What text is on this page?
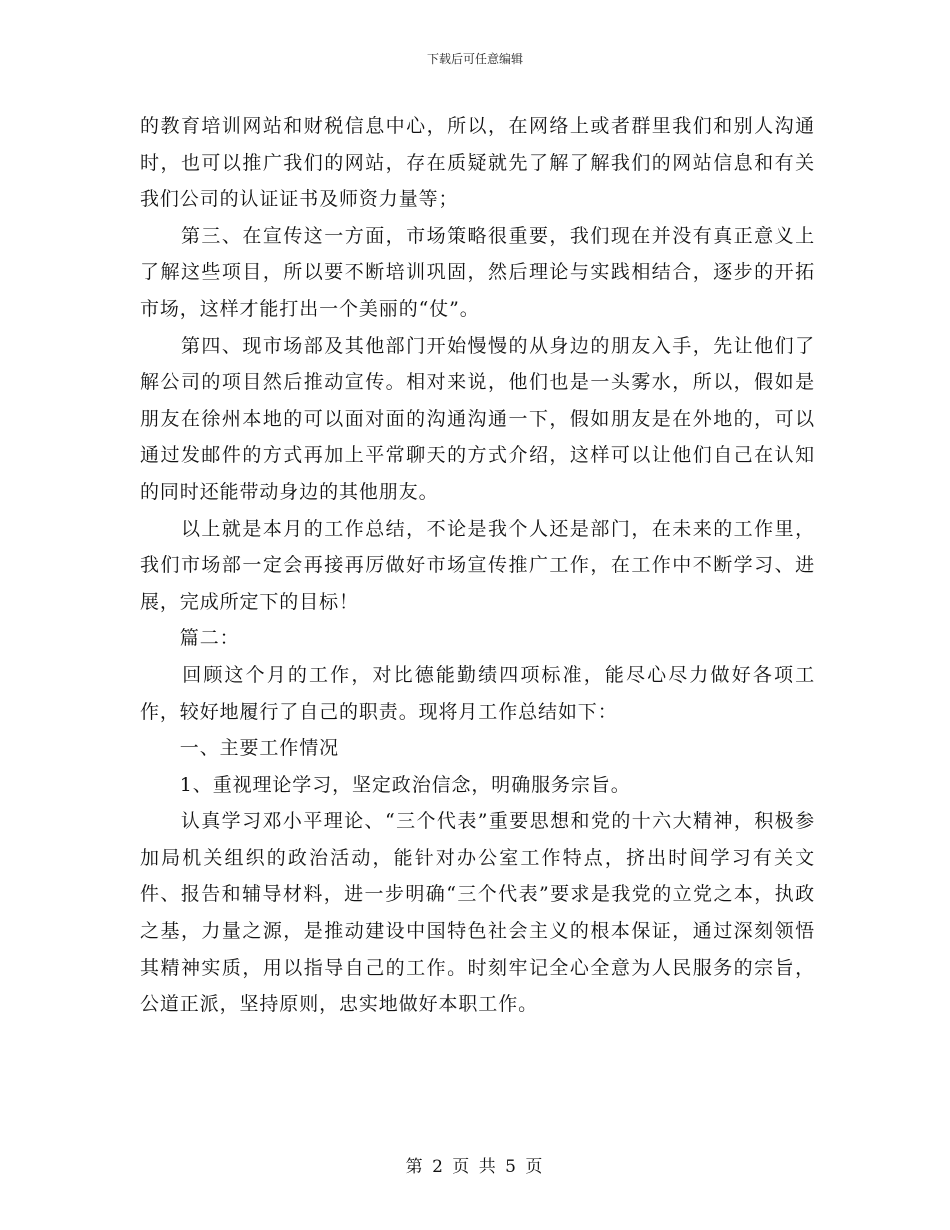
下载后可任意编辑

的教育培训网站和财税信息中心，所以，在网络上或者群里我们和别人沟通时，也可以推广我们的网站，存在质疑就先了解了解我们的网站信息和有关我们公司的认证证书及师资力量等；

　　第三、在宣传这一方面，市场策略很重要，我们现在并没有真正意义上了解这些项目，所以要不断培训巩固，然后理论与实践相结合，逐步的开拓市场，这样才能打出一个美丽的“仗”。

　　第四、现市场部及其他部门开始慢慢的从身边的朋友入手，先让他们了解公司的项目然后推动宣传。相对来说，他们也是一头雾水，所以，假如是朋友在徐州本地的可以面对面的沟通沟通一下，假如朋友是在外地的，可以通过发邮件的方式再加上平常聊天的方式介绍，这样可以让他们自己在认知的同时还能带动身边的其他朋友。

　　以上就是本月的工作总结，不论是我个人还是部门，在未来的工作里，我们市场部一定会再接再厉做好市场宣传推广工作，在工作中不断学习、进展，完成所定下的目标！

　　篇二：

　　回顾这个月的工作，对比德能勤绩四项标准，能尽心尽力做好各项工作，较好地履行了自己的职责。现将月工作总结如下：

　　一、主要工作情况

　　1、重视理论学习，坚定政治信念，明确服务宗旨。

　　认真学习邓小平理论、“三个代表”重要思想和党的十六大精神，积极参加局机关组织的政治活动，能针对办公室工作特点，挤出时间学习有关文件、报告和辅导材料，进一步明确“三个代表”要求是我党的立党之本，执政之基，力量之源，是推动建设中国特色社会主义的根本保证，通过深刻领悟其精神实质，用以指导自己的工作。时刻牢记全心全意为人民服务的宗旨，公道正派，坚持原则，忠实地做好本职工作。

第 2 页 共 5 页
